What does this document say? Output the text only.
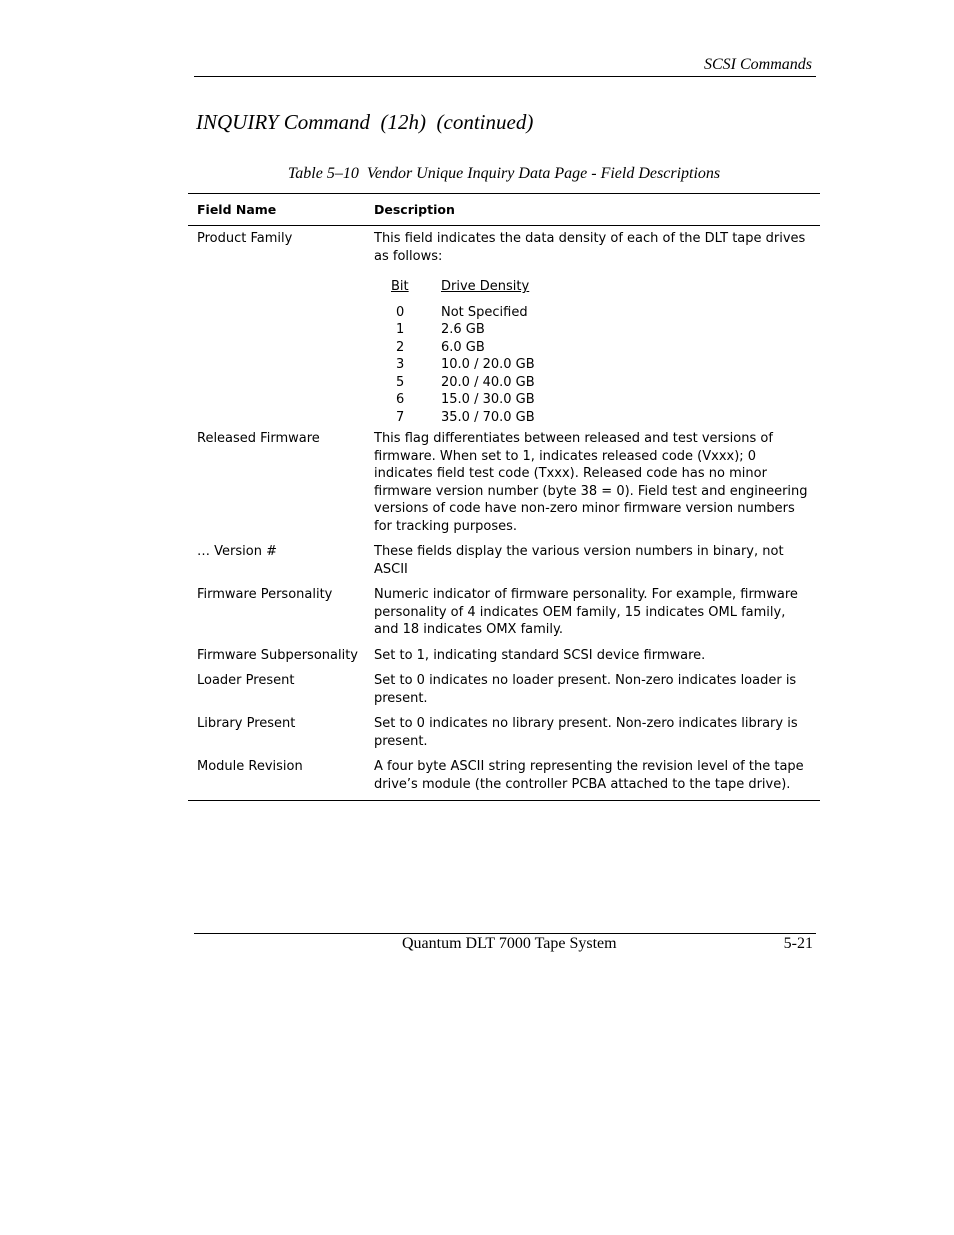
SCSI Commands
INQUIRY Command  (12h)  (continued)
Table 5–10  Vendor Unique Inquiry Data Page - Field Descriptions
Field Name	Description
Product Family	This field indicates the data density of each of the DLT tape drives as follows:
Bit	Drive Density
0	Not Specified
1	2.6 GB
2	6.0 GB
3	10.0 / 20.0 GB
5	20.0 / 40.0 GB
6	15.0 / 30.0 GB
7	35.0 / 70.0 GB
Released Firmware	This flag differentiates between released and test versions of firmware. When set to 1, indicates released code (Vxxx); 0 indicates field test code (Txxx). Released code has no minor firmware version number (byte 38 = 0). Field test and engineering versions of code have non-zero minor firmware version numbers for tracking purposes.
… Version #	These fields display the various version numbers in binary, not ASCII
Firmware Personality	Numeric indicator of firmware personality. For example, firmware personality of 4 indicates OEM family, 15 indicates OML family, and 18 indicates OMX family.
Firmware Subpersonality	Set to 1, indicating standard SCSI device firmware.
Loader Present	Set to 0 indicates no loader present. Non-zero indicates loader is present.
Library Present	Set to 0 indicates no library present. Non-zero indicates library is present.
Module Revision	A four byte ASCII string representing the revision level of the tape drive’s module (the controller PCBA attached to the tape drive).
Quantum DLT 7000 Tape System	5-21
